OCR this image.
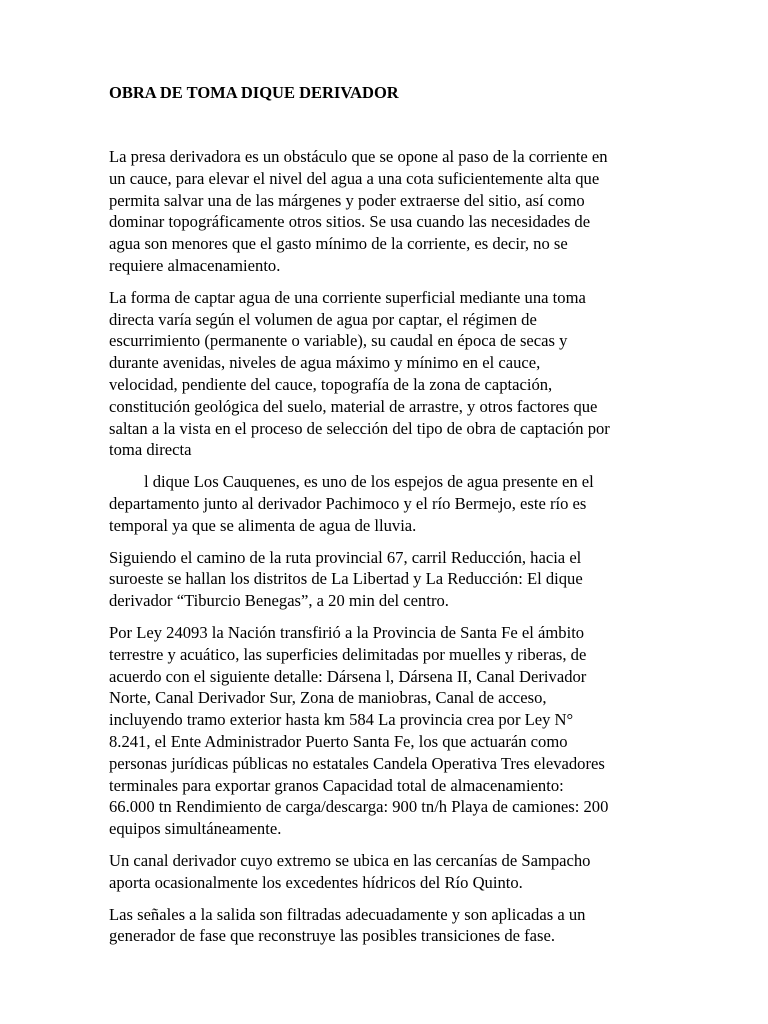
OBRA DE TOMA DIQUE DERIVADOR

La presa derivadora es un obstáculo que se opone al paso de la corriente en
un cauce, para elevar el nivel del agua a una cota suficientemente alta que
permita salvar una de las márgenes y poder extraerse del sitio, así como
dominar topográficamente otros sitios. Se usa cuando las necesidades de
agua son menores que el gasto mínimo de la corriente, es decir, no se
requiere almacenamiento.

La forma de captar agua de una corriente superficial mediante una toma
directa varía según el volumen de agua por captar, el régimen de
escurrimiento (permanente o variable), su caudal en época de secas y
durante avenidas, niveles de agua máximo y mínimo en el cauce,
velocidad, pendiente del cauce, topografía de la zona de captación,
constitución geológica del suelo, material de arrastre, y otros factores que
saltan a la vista en el proceso de selección del tipo de obra de captación por
toma directa

l dique Los Cauquenes, es uno de los espejos de agua presente en el
departamento junto al derivador Pachimoco y el río Bermejo, este río es
temporal ya que se alimenta de agua de lluvia.

Siguiendo el camino de la ruta provincial 67, carril Reducción, hacia el
suroeste se hallan los distritos de La Libertad y La Reducción: El dique
derivador “Tiburcio Benegas”, a 20 min del centro.

Por Ley 24093 la Nación transfirió a la Provincia de Santa Fe el ámbito
terrestre y acuático, las superficies delimitadas por muelles y riberas, de
acuerdo con el siguiente detalle: Dársena l, Dársena II, Canal Derivador
Norte, Canal Derivador Sur, Zona de maniobras, Canal de acceso,
incluyendo tramo exterior hasta km 584 La provincia crea por Ley N°
8.241, el Ente Administrador Puerto Santa Fe, los que actuarán como
personas jurídicas públicas no estatales Candela Operativa Tres elevadores
terminales para exportar granos Capacidad total de almacenamiento:
66.000 tn Rendimiento de carga/descarga: 900 tn/h Playa de camiones: 200
equipos simultáneamente.

Un canal derivador cuyo extremo se ubica en las cercanías de Sampacho
aporta ocasionalmente los excedentes hídricos del Río Quinto.

Las señales a la salida son filtradas adecuadamente y son aplicadas a un
generador de fase que reconstruye las posibles transiciones de fase.
